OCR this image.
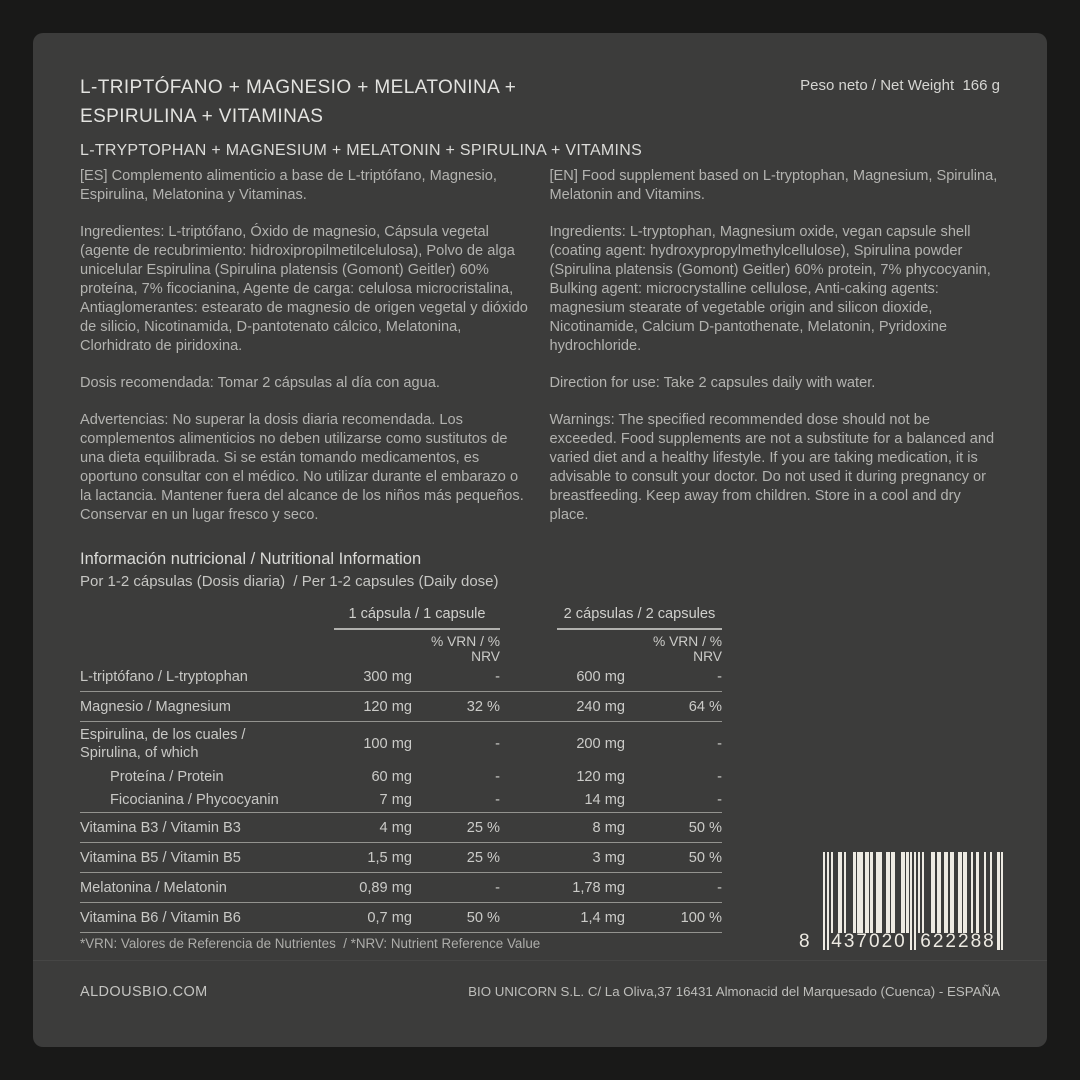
L-TRIPTÓFANO + MAGNESIO + MELATONINA +
ESPIRULINA + VITAMINAS
L-TRYPTOPHAN + MAGNESIUM + MELATONIN + SPIRULINA + VITAMINS
Peso neto / Net Weight  166 g

[ES] Complemento alimenticio a base de L-triptófano, Magnesio, Espirulina, Melatonina y Vitaminas.

Ingredientes: L-triptófano, Óxido de magnesio, Cápsula vegetal (agente de recubrimiento: hidroxipropilmetilcelulosa), Polvo de alga unicelular Espirulina (Spirulina platensis (Gomont) Geitler) 60% proteína, 7% ficocianina, Agente de carga: celulosa microcristalina, Antiaglomerantes: estearato de magnesio de origen vegetal y dióxido de silicio, Nicotinamida, D-pantotenato cálcico, Melatonina, Clorhidrato de piridoxina.

Dosis recomendada: Tomar 2 cápsulas al día con agua.

Advertencias: No superar la dosis diaria recomendada. Los complementos alimenticios no deben utilizarse como sustitutos de una dieta equilibrada. Si se están tomando medicamentos, es oportuno consultar con el médico. No utilizar durante el embarazo o la lactancia. Mantener fuera del alcance de los niños más pequeños. Conservar en un lugar fresco y seco.

[EN] Food supplement based on L-tryptophan, Magnesium, Spirulina, Melatonin and Vitamins.

Ingredients: L-tryptophan, Magnesium oxide, vegan capsule shell (coating agent: hydroxypropylmethylcellulose), Spirulina powder (Spirulina platensis (Gomont) Geitler) 60% protein, 7% phycocyanin, Bulking agent: microcrystalline cellulose, Anti-caking agents: magnesium stearate of vegetable origin and silicon dioxide, Nicotinamide, Calcium D-pantothenate, Melatonin, Pyridoxine hydrochloride.

Direction for use: Take 2 capsules daily with water.

Warnings: The specified recommended dose should not be exceeded. Food supplements are not a substitute for a balanced and varied diet and a healthy lifestyle. If you are taking medication, it is advisable to consult your doctor. Do not used it during pregnancy or breastfeeding. Keep away from children. Store in a cool and dry place.

Información nutricional / Nutritional Information
Por 1-2 cápsulas (Dosis diaria)  / Per 1-2 capsules (Daily dose)
1 cápsula / 1 capsule	2 cápsulas / 2 capsules
% VRN / % NRV
% VRN / % NRV
L-triptófano / L-tryptophan	300 mg	-	600 mg	-
Magnesio / Magnesium	120 mg	32 %	240 mg	64 %
Espirulina, de los cuales /
Spirulina, of which
100 mg	-	200 mg	-
Proteína / Protein	60 mg	-	120 mg	-
Ficocianina / Phycocyanin	7 mg	-	14 mg	-
Vitamina B3 / Vitamin B3	4 mg	25 %	8 mg	50 %
Vitamina B5 / Vitamin B5	1,5 mg	25 %	3 mg	50 %
Melatonina / Melatonin	0,89 mg	-	1,78 mg	-
Vitamina B6 / Vitamin B6	0,7 mg	50 %	1,4 mg	100 %
*VRN: Valores de Referencia de Nutrientes  / *NRV: Nutrient Reference Value	8 437020 622288
ALDOUSBIO.COM	BIO UNICORN S.L. C/ La Oliva,37 16431 Almonacid del Marquesado (Cuenca) - ESPAÑA
